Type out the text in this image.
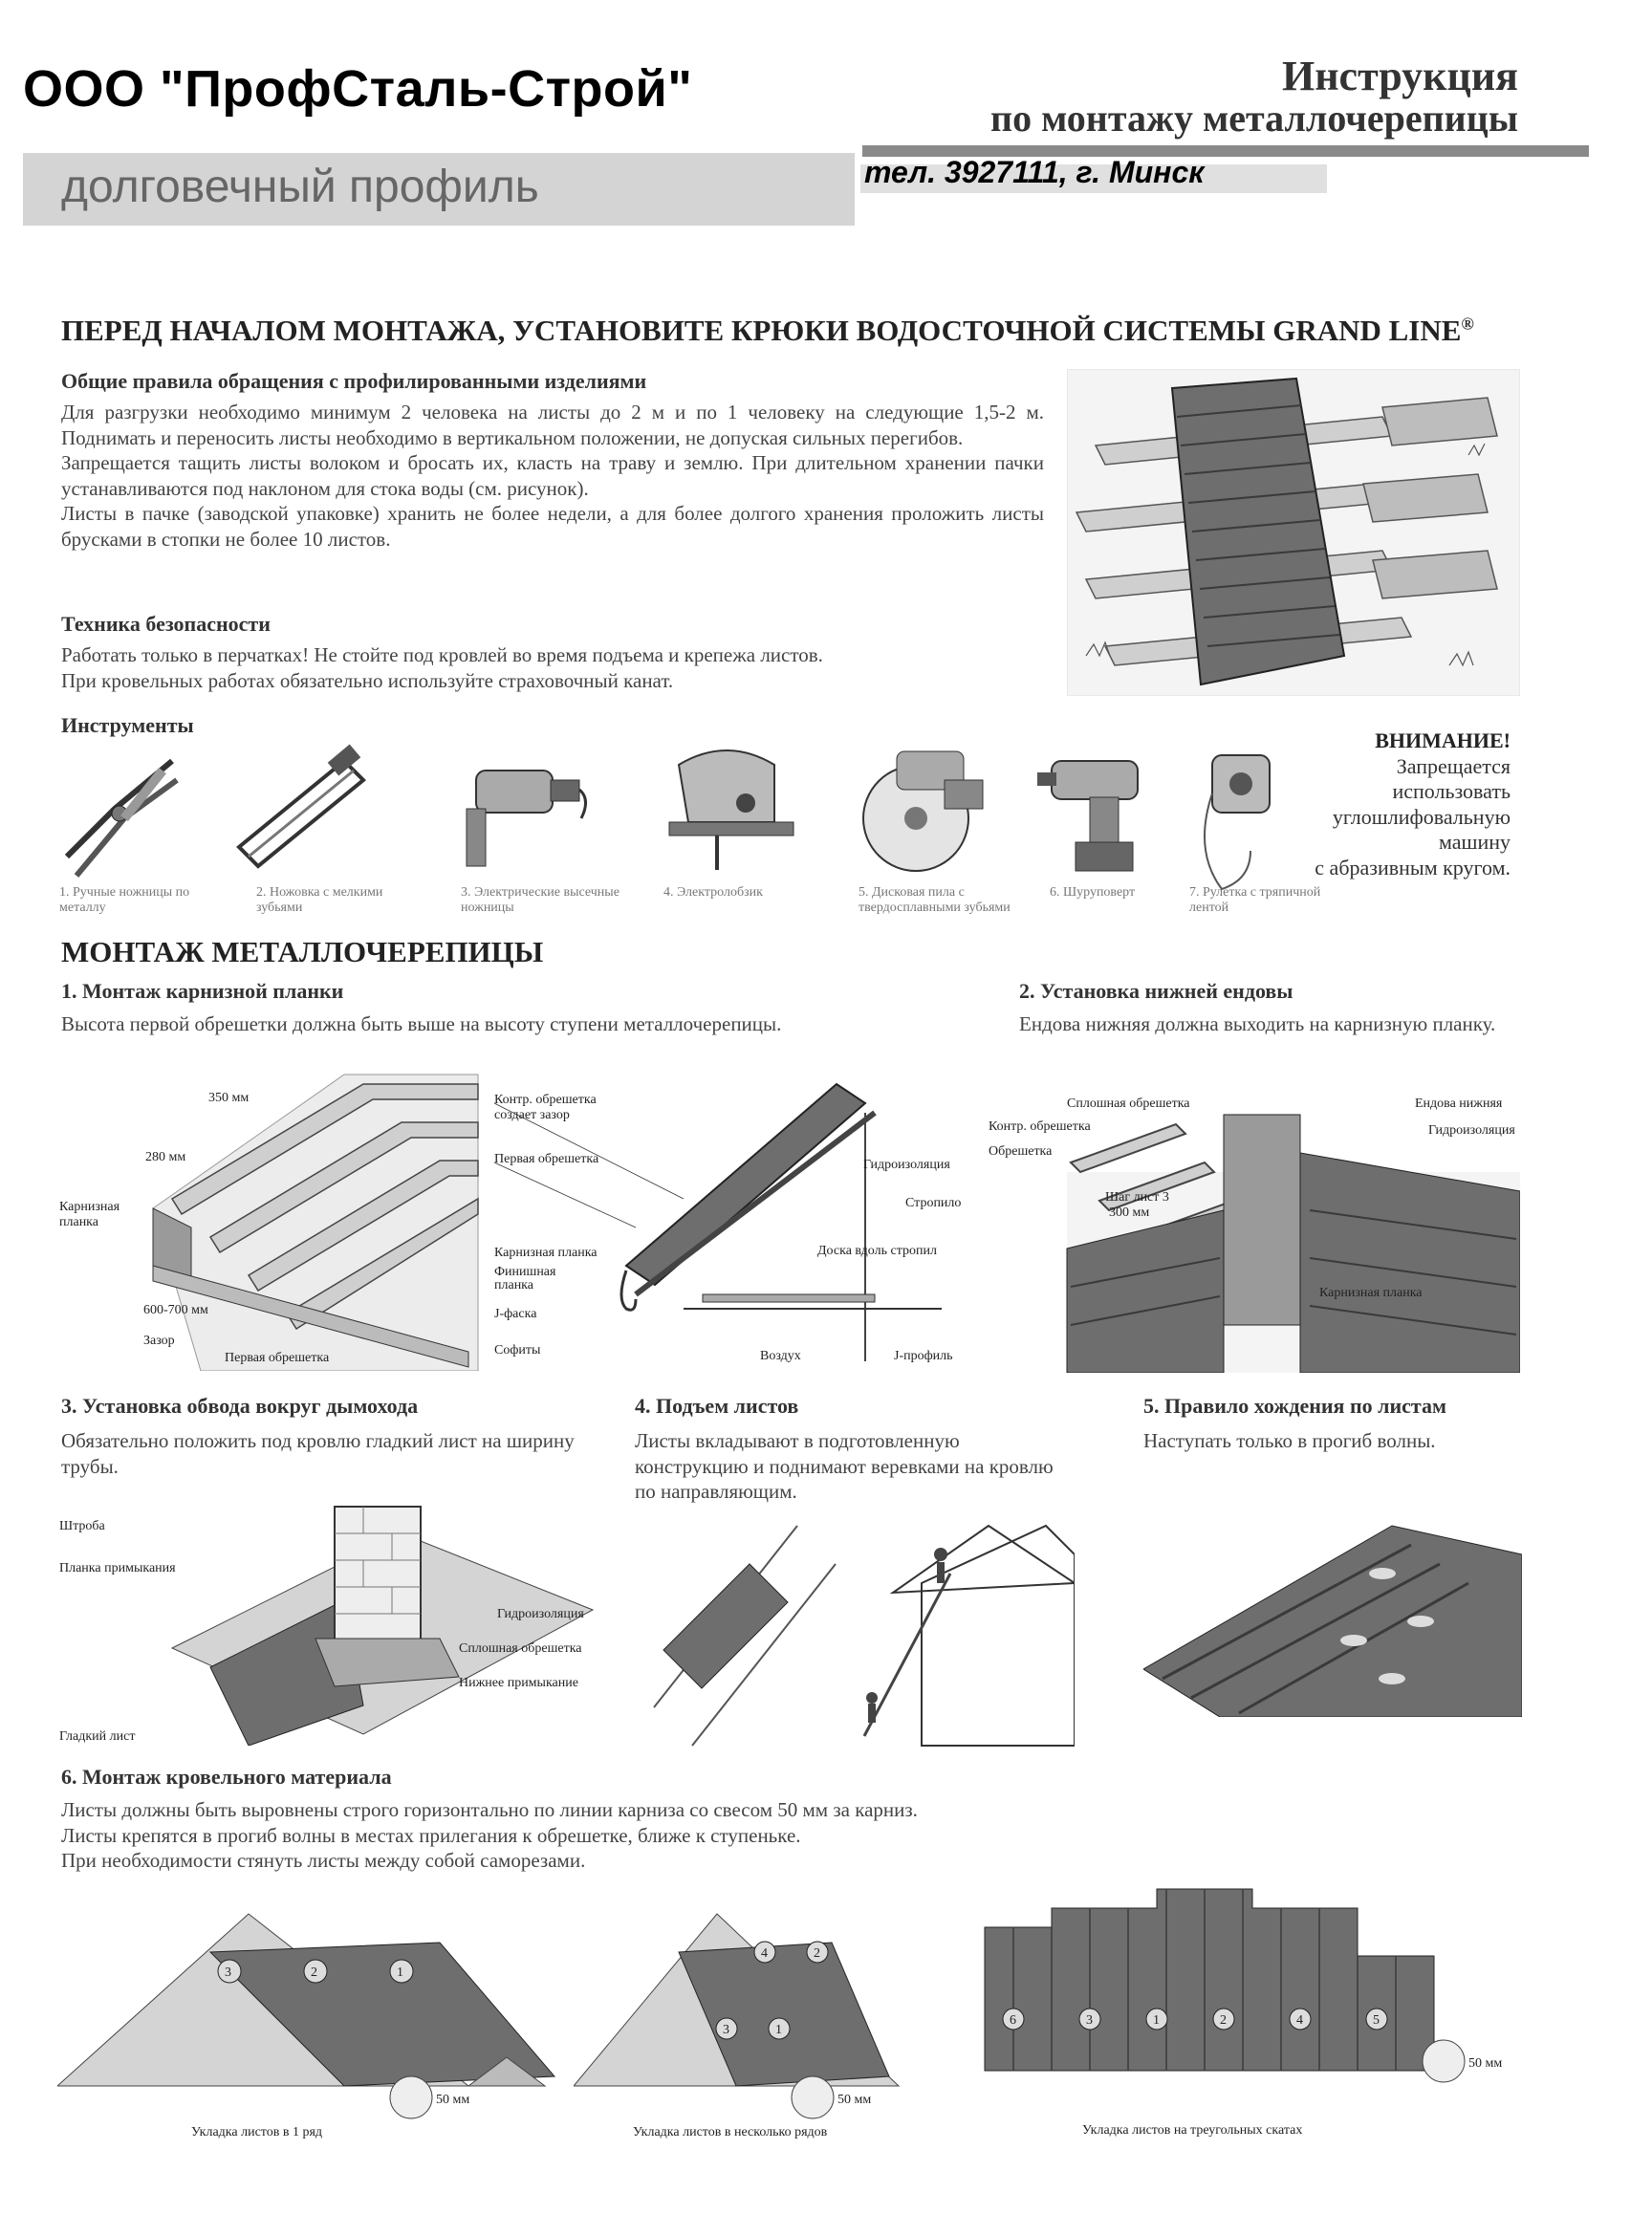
ООО "ПрофСталь-Строй"	Инструкция
по монтажу металлочерепицы
долговечный профиль	тел. 3927111, г. Минск
ПЕРЕД НАЧАЛОМ МОНТАЖА, УСТАНОВИТЕ КРЮКИ ВОДОСТОЧНОЙ СИСТЕМЫ GRAND LINE®
Общие правила обращения с профилированными изделиями

Для разгрузки необходимо минимум 2 человека на листы до 2 м и по 1 человеку на следующие 1,5-2 м. Поднимать и переносить листы необходимо в вертикальном положении, не допуская сильных перегибов.

Запрещается тащить листы волоком и бросать их, класть на траву и землю. При длительном хранении пачки устанавливаются под наклоном для стока воды (см. рисунок).

Листы в пачке (заводской упаковке) хранить не более недели, а для более долгого хранения проложить листы брусками в стопки не более 10 листов.

Техника безопасности

Работать только в перчатках! Не стойте под кровлей во время подъема и крепежа листов.

При кровельных работах обязательно используйте страховочный канат.

Инструменты
1. Ручные ножницы по металлу
2. Ножовка с мелкими зубьями
3. Электрические высечные ножницы
4. Электролобзик	5. Дисковая пила с твердосплавными зубьями
6. Шуруповерт	7. Рулетка с тряпичной лентой
ВНИМАНИЕ!
Запрещается
использовать
углошлифовальную
машину
с абразивным кругом.
МОНТАЖ МЕТАЛЛОЧЕРЕПИЦЫ
1. Монтаж карнизной планки

Высота первой обрешетки должна быть выше на высоту ступени металлочерепицы.

350 мм
280 мм
Карнизная
планка
600-700 мм
Зазор
Первая обрешетка
Контр. обрешетка
создает зазор
Первая обрешетка
Карнизная планка
Финишная
планка
J-фаска
Софиты	Воздух	J-профиль
Гидроизоляция
Стропило
Доска вдоль стропил
2. Установка нижней ендовы

Ендова нижняя должна выходить на карнизную планку.

Сплошная обрешетка	Ендова нижняя
Контр. обрешетка	Гидроизоляция
Обрешетка
Шаг лист 3
300 мм
Карнизная планка
3. Установка обвода вокруг дымохода

Обязательно положить под кровлю гладкий лист на ширину трубы.

Штроба
Планка примыкания
Гидроизоляция
Сплошная обрешетка
Нижнее примыкание
Гладкий лист
4. Подъем листов

Листы вкладывают в подготовленную конструкцию и поднимают веревками на кровлю по направляющим.

5. Правило хождения по листам

Наступать только в прогиб волны.

6. Монтаж кровельного материала

Листы должны быть выровнены строго горизонтально по линии карниза со свесом 50 мм за карниз.

Листы крепятся в прогиб волны в местах прилегания к обрешетке, ближе к ступеньке.

При необходимости стянуть листы между собой саморезами.

3	2	1
50 мм
Укладка листов в 1 ряд
4	2
3	1
50 мм
Укладка листов в несколько рядов
6	3	1	2	4	5
50 мм
Укладка листов на треугольных скатах
